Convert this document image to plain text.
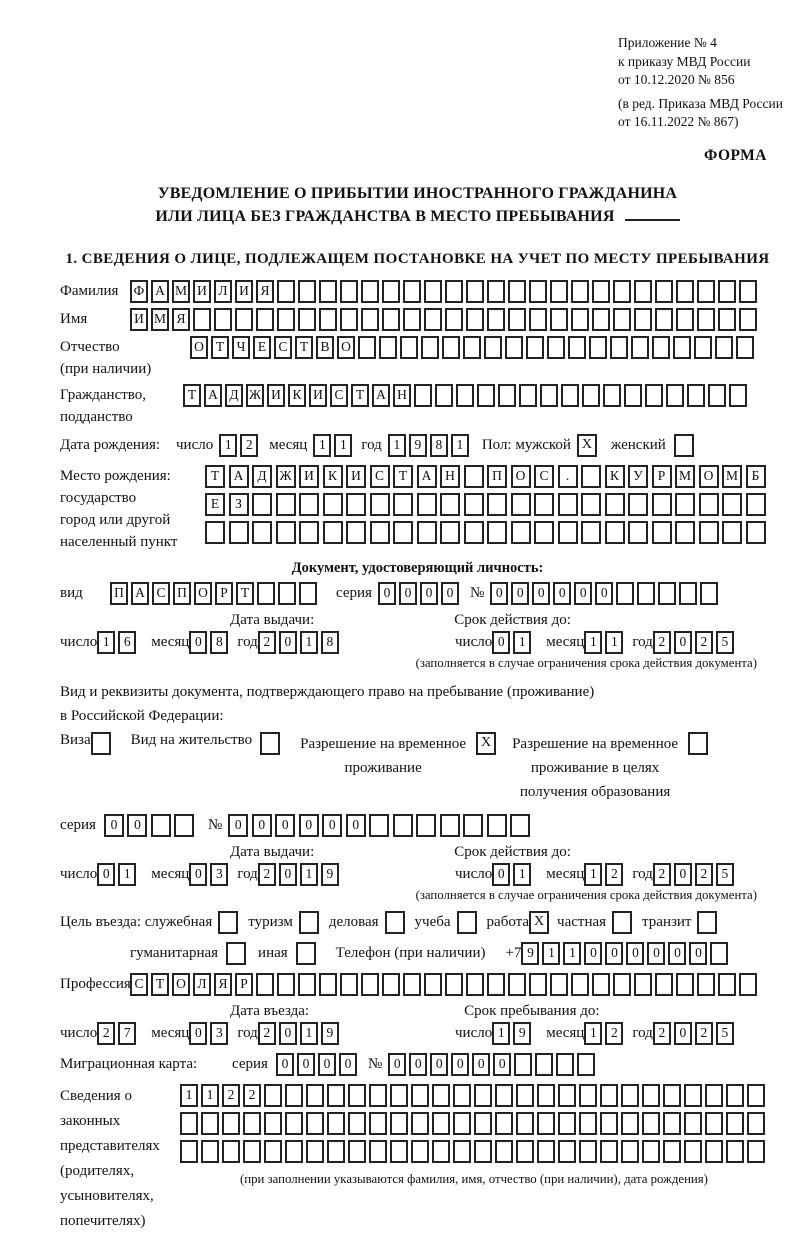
Приложение № 4
к приказу МВД России
от 10.12.2020 № 856
(в ред. Приказа МВД России
от 16.11.2022 № 867)
ФОРМА
УВЕДОМЛЕНИЕ О ПРИБЫТИИ ИНОСТРАННОГО ГРАЖДАНИНА
ИЛИ ЛИЦА БЕЗ ГРАЖДАНСТВА В МЕСТО ПРЕБЫВАНИЯ
1. СВЕДЕНИЯ О ЛИЦЕ, ПОДЛЕЖАЩЕМ ПОСТАНОВКЕ НА УЧЕТ ПО МЕСТУ ПРЕБЫВАНИЯ
Фамилия	Ф А М И Л И Я
Имя	И М Я
Отчество
(при наличии)
О Т Ч Е С Т В О
Гражданство,
подданство
Т А Д Ж И К И С Т А Н
Дата рождения:	число 1	2	месяц 1	1 год 1	9	8	1	Пол: мужской X	женский
Место рождения:
государство
город или другой
населенный пункт
Т	А	Д Ж И	К	И	С	Т	А	Н	П	О	С	.	К	У	Р	М О М	Б
Е	З
Документ, удостоверяющий личность:
вид	П А С П О Р Т	серия 0	0	0	0	№ 0	0	0	0	0	0
Дата выдачи:	Срок действия до:
число 1	6	месяц 0	8 год 2	0	1	8	число 0	1	месяц 1	1 год 2	0	2	5
(заполняется в случае ограничения срока действия документа)
Вид и реквизиты документа, подтверждающего право на пребывание (проживание)
в Российской Федерации:
Виза	Вид на жительство	Разрешение на временное
проживание
X	Разрешение на временное
проживание в целях
получения образования
серия	0	0	№ 0	0	0	0	0	0
Дата выдачи:	Срок действия до:
число 0	1	месяц 0	3 год 2	0	1	9	число 0	1	месяц 1	2 год 2	0	2	5
(заполняется в случае ограничения срока действия документа)
Цель въезда: служебная туризм деловая учеба работа X частная транзит
гуманитарная	иная	Телефон (при наличии) +7 9	1	1	0	0	0	0	0	0
Профессия С Т О Л Я Р
Дата въезда:	Срок пребывания до:
число 2	7	месяц 0	3 год 2	0	1	9	число 1	9	месяц 1	2 год 2	0	2	5
Миграционная карта:	серия	0	0	0	0	№ 0	0	0	0	0	0
Сведения о
законных
представителях
(родителях,
усыновителях,
попечителях)
1	1	2	2
(при заполнении указываются фамилия, имя, отчество (при наличии), дата рождения)
